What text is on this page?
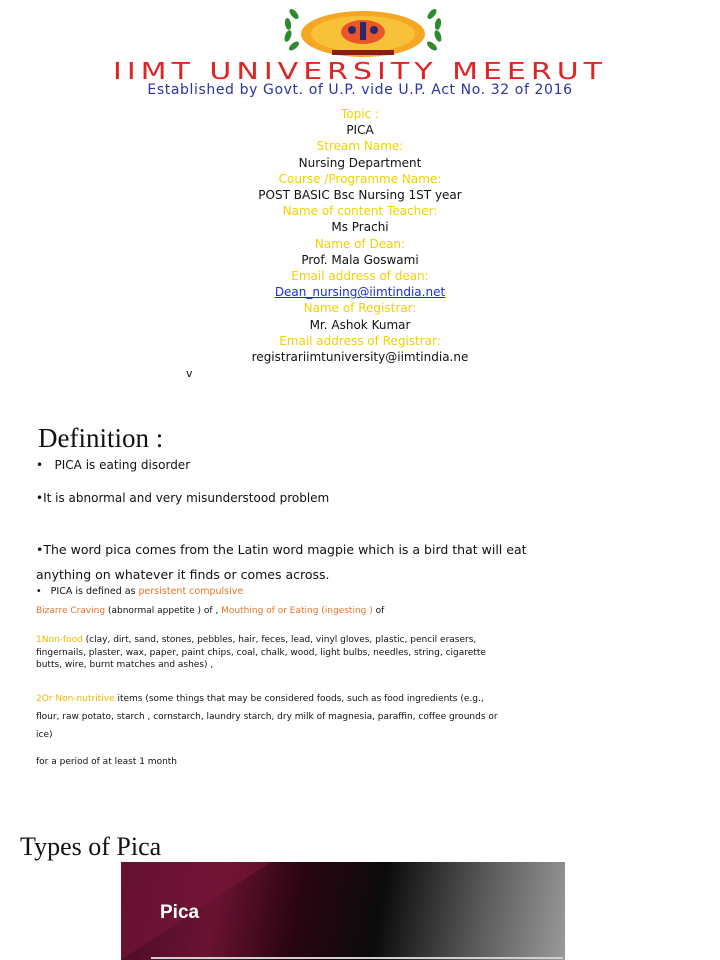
IIMT UNIVERSITY MEERUT
Established by Govt. of U.P. vide U.P. Act No. 32 of 2016
Topic :
PICA
Stream Name:
Nursing Department
Course /Programme Name:
POST BASIC Bsc Nursing 1ST year
Name of content Teacher:
Ms Prachi
Name of Dean:
Prof. Mala Goswami
Email address of dean:
Dean_nursing@iimtindia.net
Name of Registrar:
Mr. Ashok Kumar
Email address of Registrar:
registrariimtuniversity@iimtindia.ne
v
Definition :
•   PICA is eating disorder
•It is abnormal and very misunderstood problem
•The word pica comes from the Latin word magpie which is a bird that will eat anything on whatever it finds or comes across.
•   PICA is defined as persistent compulsive
Bizarre Craving (abnormal appetite ) of , Mouthing of or Eating (ingesting ) of
1Non-food (clay, dirt, sand, stones, pebbles, hair, feces, lead, vinyl gloves, plastic, pencil erasers, fingernails, plaster, wax, paper, paint chips, coal, chalk, wood, light bulbs, needles, string, cigarette butts, wire, burnt matches and ashes) ,
2Or Non-nutritive items (some things that may be considered foods, such as food ingredients (e.g., flour, raw potato, starch , cornstarch, laundry starch, dry milk of magnesia, paraffin, coffee grounds or ice)
for a period of at least 1 month
Types of Pica
Pica
